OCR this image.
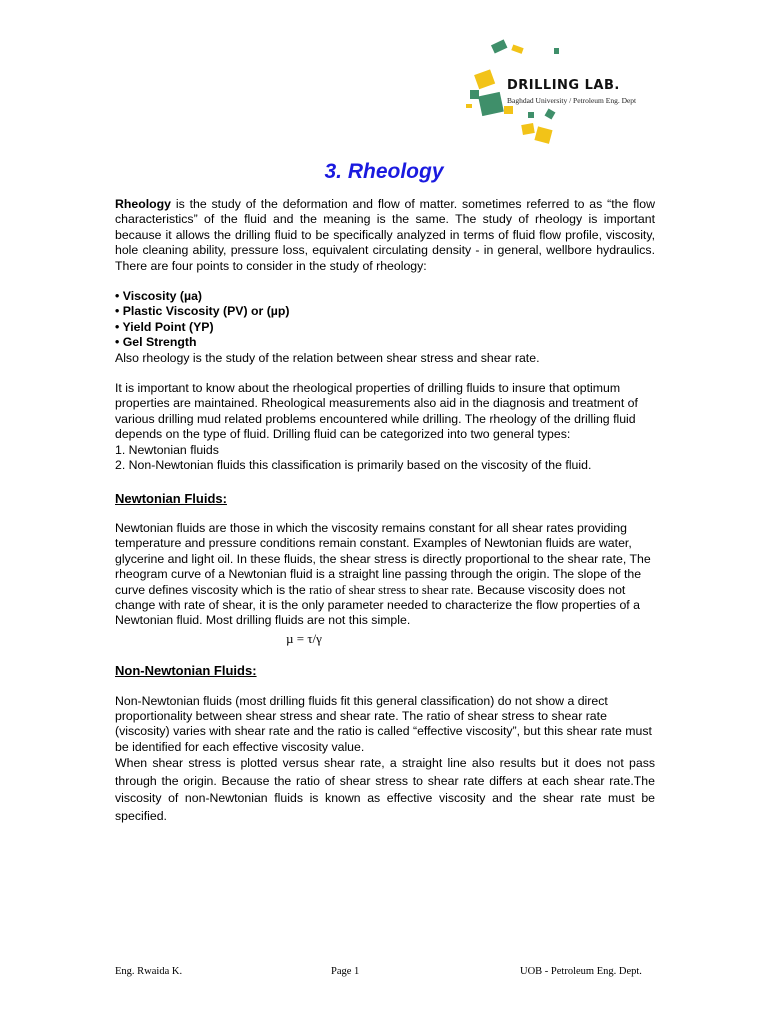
DRILLING LAB.
Baghdad University / Petroleum Eng. Dept
3. Rheology

Rheology is the study of the deformation and flow of matter. sometimes referred to as “the flow characteristics” of the fluid and the meaning is the same. The study of rheology is important because it allows the drilling fluid to be specifically analyzed in terms of fluid flow profile, viscosity, hole cleaning ability, pressure loss, equivalent circulating density - in general, wellbore hydraulics. There are four points to consider in the study of rheology:

• Viscosity (µa)
• Plastic Viscosity (PV) or (µp)
• Yield Point (YP)
• Gel Strength

Also rheology is the study of the relation between shear stress and shear rate.

It is important to know about the rheological properties of drilling fluids to insure that optimum properties are maintained. Rheological measurements also aid in the diagnosis and treatment of various drilling mud related problems encountered while drilling. The rheology of the drilling fluid depends on the type of fluid. Drilling fluid can be categorized into two general types:

1. Newtonian fluids

2. Non-Newtonian fluids this classification is primarily based on the viscosity of the fluid.

Newtonian Fluids:

Newtonian fluids are those in which the viscosity remains constant for all shear rates providing temperature and pressure conditions remain constant. Examples of Newtonian fluids are water, glycerine and light oil. In these fluids, the shear stress is directly proportional to the shear rate, The rheogram curve of a Newtonian fluid is a straight line passing through the origin. The slope of the curve defines viscosity which is the ratio of shear stress to shear rate. Because viscosity does not change with rate of shear, it is the only parameter needed to characterize the flow properties of a Newtonian fluid. Most drilling fluids are not this simple.

µ = τ/γ

Non-Newtonian Fluids:

Non-Newtonian fluids (most drilling fluids fit this general classification) do not show a direct proportionality between shear stress and shear rate. The ratio of shear stress to shear rate (viscosity) varies with shear rate and the ratio is called “effective viscosity”, but this shear rate must be identified for each effective viscosity value.

When shear stress is plotted versus shear rate, a straight line also results but it does not pass through the origin. Because the ratio of shear stress to shear rate differs at each shear rate.The viscosity of non-Newtonian fluids is known as effective viscosity and the shear rate must be specified.

Eng. Rwaida K.	Page 1	UOB - Petroleum Eng. Dept.
